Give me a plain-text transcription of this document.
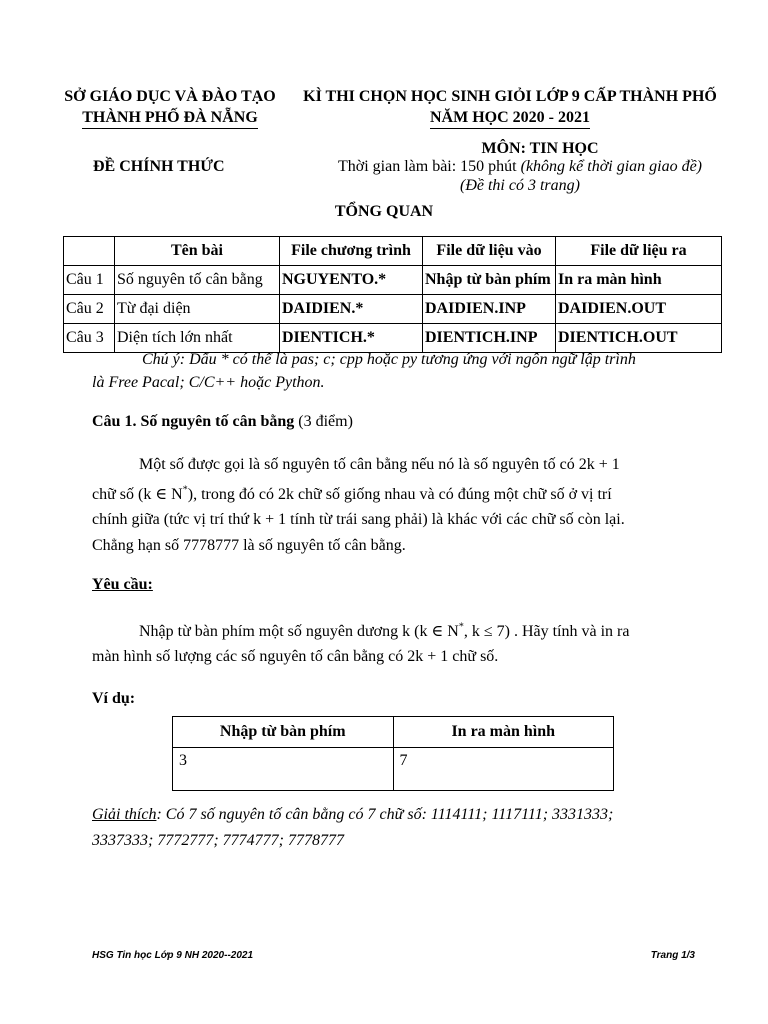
SỞ GIÁO DỤC VÀ ĐÀO TẠO
THÀNH PHỐ ĐÀ NẴNG
KÌ THI CHỌN HỌC SINH GIỎI LỚP 9 CẤP THÀNH PHỐ
NĂM HỌC 2020 - 2021
MÔN: TIN HỌC
ĐỀ CHÍNH THỨC	Thời gian làm bài: 150 phút (không kể thời gian giao đề)
(Đề thi có 3 trang)
TỔNG QUAN
	Tên bài	File chương trình	File dữ liệu vào	File dữ liệu ra
Câu 1	Số nguyên tố cân bằng	NGUYENTO.*	Nhập từ bàn phím	In ra màn hình
Câu 2	Từ đại diện	DAIDIEN.*	DAIDIEN.INP	DAIDIEN.OUT
Câu 3	Diện tích lớn nhất	DIENTICH.*	DIENTICH.INP	DIENTICH.OUT
Chú ý: Dấu * có thể là pas; c; cpp hoặc py tương ứng với ngôn ngữ lập trình
là Free Pacal; C/C++ hoặc Python.
Câu 1. Số nguyên tố cân bằng (3 điểm)
Một số được gọi là số nguyên tố cân bằng nếu nó là số nguyên tố có 2k + 1
chữ số (k ∈ N*), trong đó có 2k chữ số giống nhau và có đúng một chữ số ở vị trí
chính giữa (tức vị trí thứ k + 1 tính từ trái sang phải) là khác với các chữ số còn lại.
Chẳng hạn số 7778777 là số nguyên tố cân bằng.
Yêu cầu:
Nhập từ bàn phím một số nguyên dương k (k ∈ N*, k ≤ 7) . Hãy tính và in ra
màn hình số lượng các số nguyên tố cân bằng có 2k + 1 chữ số.
Ví dụ:
Nhập từ bàn phím	In ra màn hình
3	7
Giải thích: Có 7 số nguyên tố cân bằng có 7 chữ số: 1114111; 1117111; 3331333;
3337333; 7772777; 7774777; 7778777
HSG Tin học Lớp 9 NH 2020--2021	Trang 1/3
